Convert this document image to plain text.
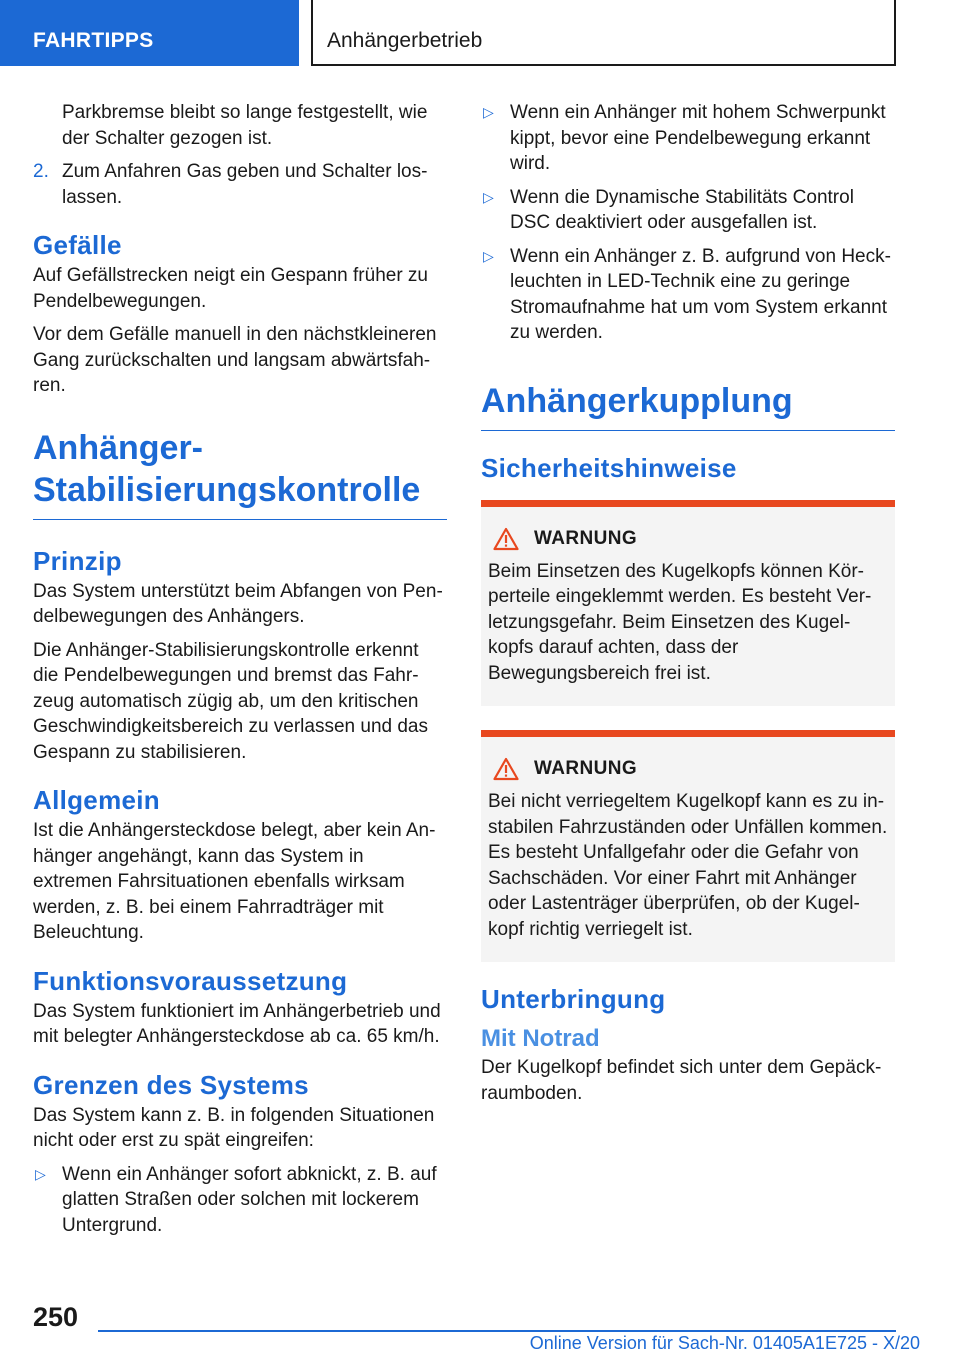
FAHRTIPPS	Anhängerbetrieb

Parkbremse bleibt so lange festgestellt, wie der Schalter gezogen ist.

2. Zum Anfahren Gas geben und Schalter loslassen.
Gefälle

Auf Gefällstrecken neigt ein Gespann früher zu Pendelbewegungen.

Vor dem Gefälle manuell in den nächstkleineren Gang zurückschalten und langsam abwärtsfahren.

Anhänger-Stabilisierungskontrolle
Prinzip

Das System unterstützt beim Abfangen von Pendelbewegungen des Anhängers.

Die Anhänger-Stabilisierungskontrolle erkennt die Pendelbewegungen und bremst das Fahrzeug automatisch zügig ab, um den kritischen Geschwindigkeitsbereich zu verlassen und das Gespann zu stabilisieren.

Allgemein

Ist die Anhängersteckdose belegt, aber kein Anhänger angehängt, kann das System in extremen Fahrsituationen ebenfalls wirksam werden, z. B. bei einem Fahrradträger mit Beleuchtung.

Funktionsvoraussetzung

Das System funktioniert im Anhängerbetrieb und mit belegter Anhängersteckdose ab ca. 65 km/h.

Grenzen des Systems

Das System kann z. B. in folgenden Situationen nicht oder erst zu spät eingreifen:

▷ Wenn ein Anhänger sofort abknickt, z. B. auf glatten Straßen oder solchen mit lockerem Untergrund.
▷ Wenn ein Anhänger mit hohem Schwerpunkt kippt, bevor eine Pendelbewegung erkannt wird.
▷ Wenn die Dynamische Stabilitäts Control DSC deaktiviert oder ausgefallen ist.
▷ Wenn ein Anhänger z. B. aufgrund von Heckleuchten in LED-Technik eine zu geringe Stromaufnahme hat um vom System erkannt zu werden.
Anhängerkupplung
Sicherheitshinweise
WARNUNG

Beim Einsetzen des Kugelkopfs können Körperteile eingeklemmt werden. Es besteht Verletzungsgefahr. Beim Einsetzen des Kugelkopfs darauf achten, dass der Bewegungsbereich frei ist.

WARNUNG

Bei nicht verriegeltem Kugelkopf kann es zu instabilen Fahrzuständen oder Unfällen kommen. Es besteht Unfallgefahr oder die Gefahr von Sachschäden. Vor einer Fahrt mit Anhänger oder Lastenträger überprüfen, ob der Kugelkopf richtig verriegelt ist.

Unterbringung
Mit Notrad

Der Kugelkopf befindet sich unter dem Gepäckraumboden.

250
Online Version für Sach-Nr. 01405A1E725 - X/20
